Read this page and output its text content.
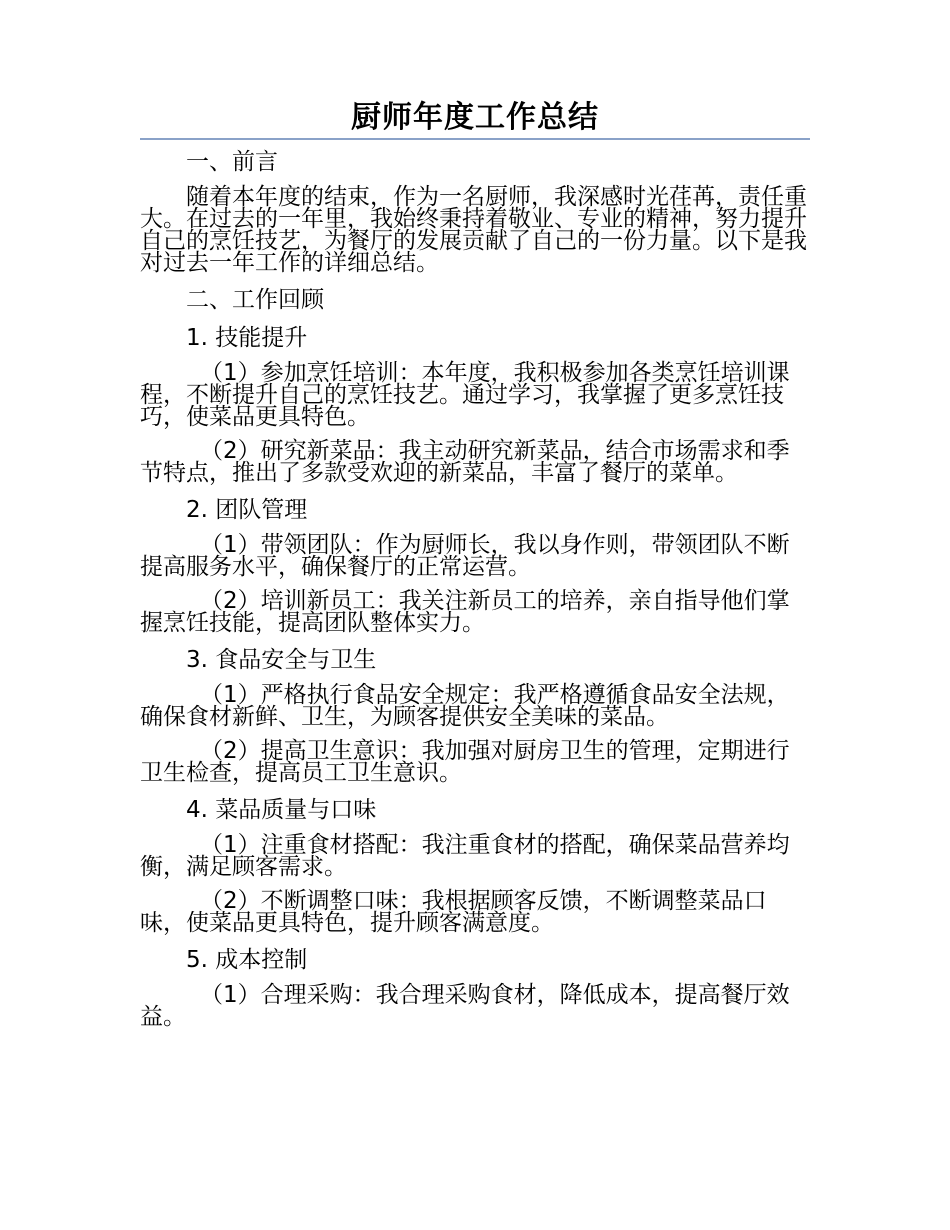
厨师年度工作总结

一、前言

随着本年度的结束，作为一名厨师，我深感时光荏苒，责任重大。在过去的一年里，我始终秉持着敬业、专业的精神，努力提升自己的烹饪技艺，为餐厅的发展贡献了自己的一份力量。以下是我对过去一年工作的详细总结。

二、工作回顾

1. 技能提升

（1）参加烹饪培训：本年度，我积极参加各类烹饪培训课程，不断提升自己的烹饪技艺。通过学习，我掌握了更多烹饪技巧，使菜品更具特色。

（2）研究新菜品：我主动研究新菜品，结合市场需求和季节特点，推出了多款受欢迎的新菜品，丰富了餐厅的菜单。

2. 团队管理

（1）带领团队：作为厨师长，我以身作则，带领团队不断提高服务水平，确保餐厅的正常运营。

（2）培训新员工：我关注新员工的培养，亲自指导他们掌握烹饪技能，提高团队整体实力。

3. 食品安全与卫生

（1）严格执行食品安全规定：我严格遵循食品安全法规，确保食材新鲜、卫生，为顾客提供安全美味的菜品。

（2）提高卫生意识：我加强对厨房卫生的管理，定期进行卫生检查，提高员工卫生意识。

4. 菜品质量与口味

（1）注重食材搭配：我注重食材的搭配，确保菜品营养均衡，满足顾客需求。

（2）不断调整口味：我根据顾客反馈，不断调整菜品口味，使菜品更具特色，提升顾客满意度。

5. 成本控制

（1）合理采购：我合理采购食材，降低成本，提高餐厅效益。
